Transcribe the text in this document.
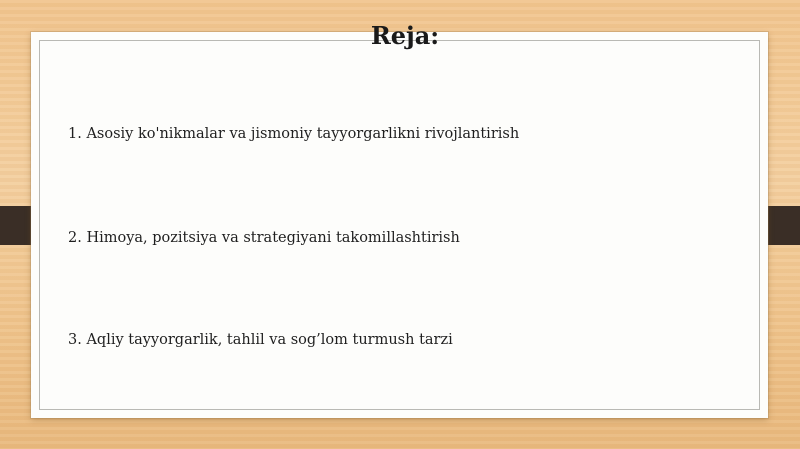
Reja:
1. Asosiy ko'nikmalar va jismoniy tayyorgarlikni rivojlantirish
2. Himoya, pozitsiya va strategiyani takomillashtirish
3. Aqliy tayyorgarlik, tahlil va sog’lom turmush tarzi
